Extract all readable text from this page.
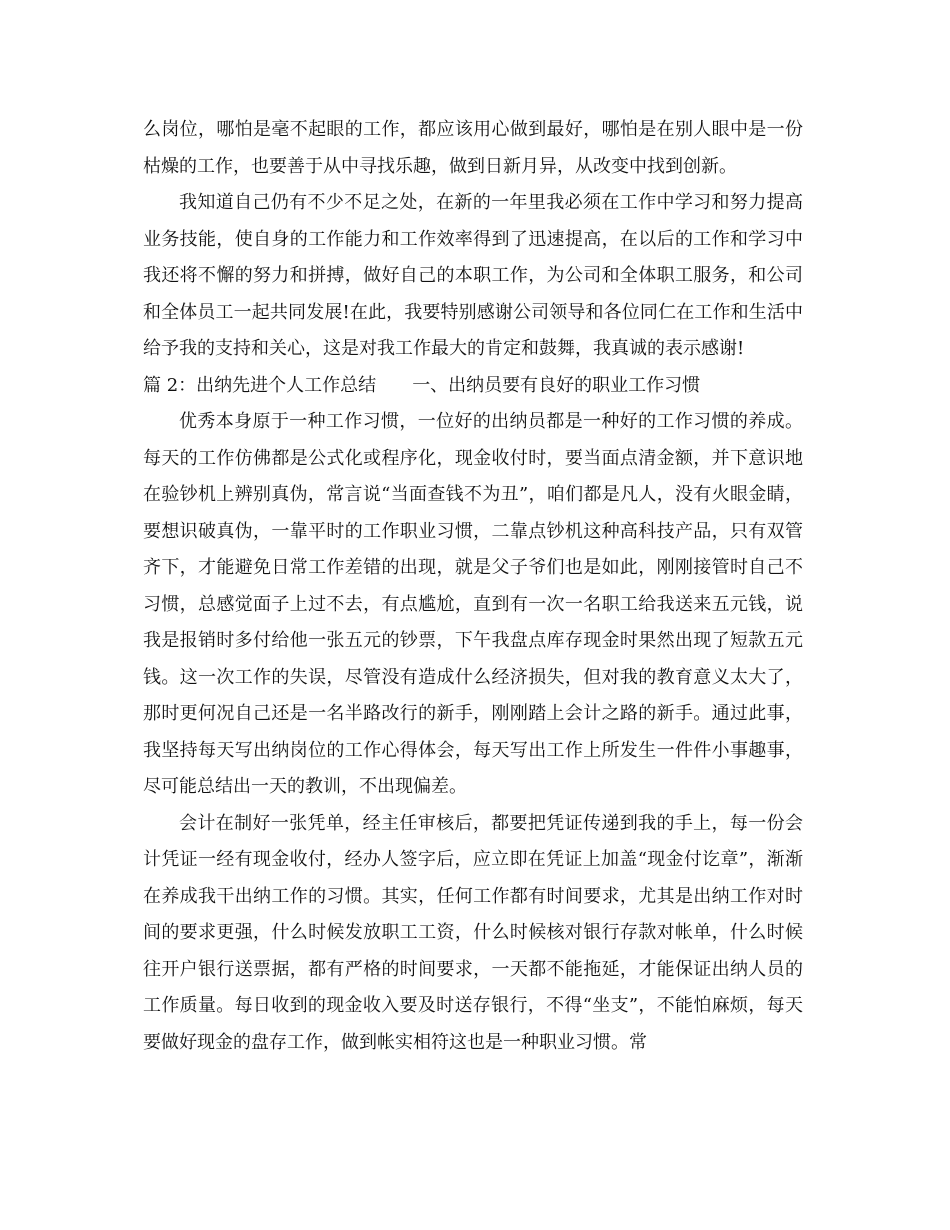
么岗位，哪怕是毫不起眼的工作，都应该用心做到最好，哪怕是在别人眼中是一份枯燥的工作，也要善于从中寻找乐趣，做到日新月异，从改变中找到创新。

我知道自己仍有不少不足之处，在新的一年里我必须在工作中学习和努力提高业务技能，使自身的工作能力和工作效率得到了迅速提高，在以后的工作和学习中我还将不懈的努力和拼搏，做好自己的本职工作，为公司和全体职工服务，和公司和全体员工一起共同发展!在此，我要特别感谢公司领导和各位同仁在工作和生活中给予我的支持和关心，这是对我工作最大的肯定和鼓舞，我真诚的表示感谢!

篇 2：出纳先进个人工作总结 一、出纳员要有良好的职业工作习惯

优秀本身原于一种工作习惯，一位好的出纳员都是一种好的工作习惯的养成。每天的工作仿佛都是公式化或程序化，现金收付时，要当面点清金额，并下意识地在验钞机上辨别真伪，常言说“当面查钱不为丑”，咱们都是凡人，没有火眼金睛，要想识破真伪，一靠平时的工作职业习惯，二靠点钞机这种高科技产品，只有双管齐下，才能避免日常工作差错的出现，就是父子爷们也是如此，刚刚接管时自己不习惯，总感觉面子上过不去，有点尴尬，直到有一次一名职工给我送来五元钱，说我是报销时多付给他一张五元的钞票，下午我盘点库存现金时果然出现了短款五元钱。这一次工作的失误，尽管没有造成什么经济损失，但对我的教育意义太大了，那时更何况自己还是一名半路改行的新手，刚刚踏上会计之路的新手。通过此事，我坚持每天写出纳岗位的工作心得体会，每天写出工作上所发生一件件小事趣事，尽可能总结出一天的教训，不出现偏差。

会计在制好一张凭单，经主任审核后，都要把凭证传递到我的手上，每一份会计凭证一经有现金收付，经办人签字后，应立即在凭证上加盖“现金付讫章”，渐渐在养成我干出纳工作的习惯。其实，任何工作都有时间要求，尤其是出纳工作对时间的要求更强，什么时候发放职工工资，什么时候核对银行存款对帐单，什么时候往开户银行送票据，都有严格的时间要求，一天都不能拖延，才能保证出纳人员的工作质量。每日收到的现金收入要及时送存银行，不得“坐支”，不能怕麻烦，每天要做好现金的盘存工作，做到帐实相符这也是一种职业习惯。常
